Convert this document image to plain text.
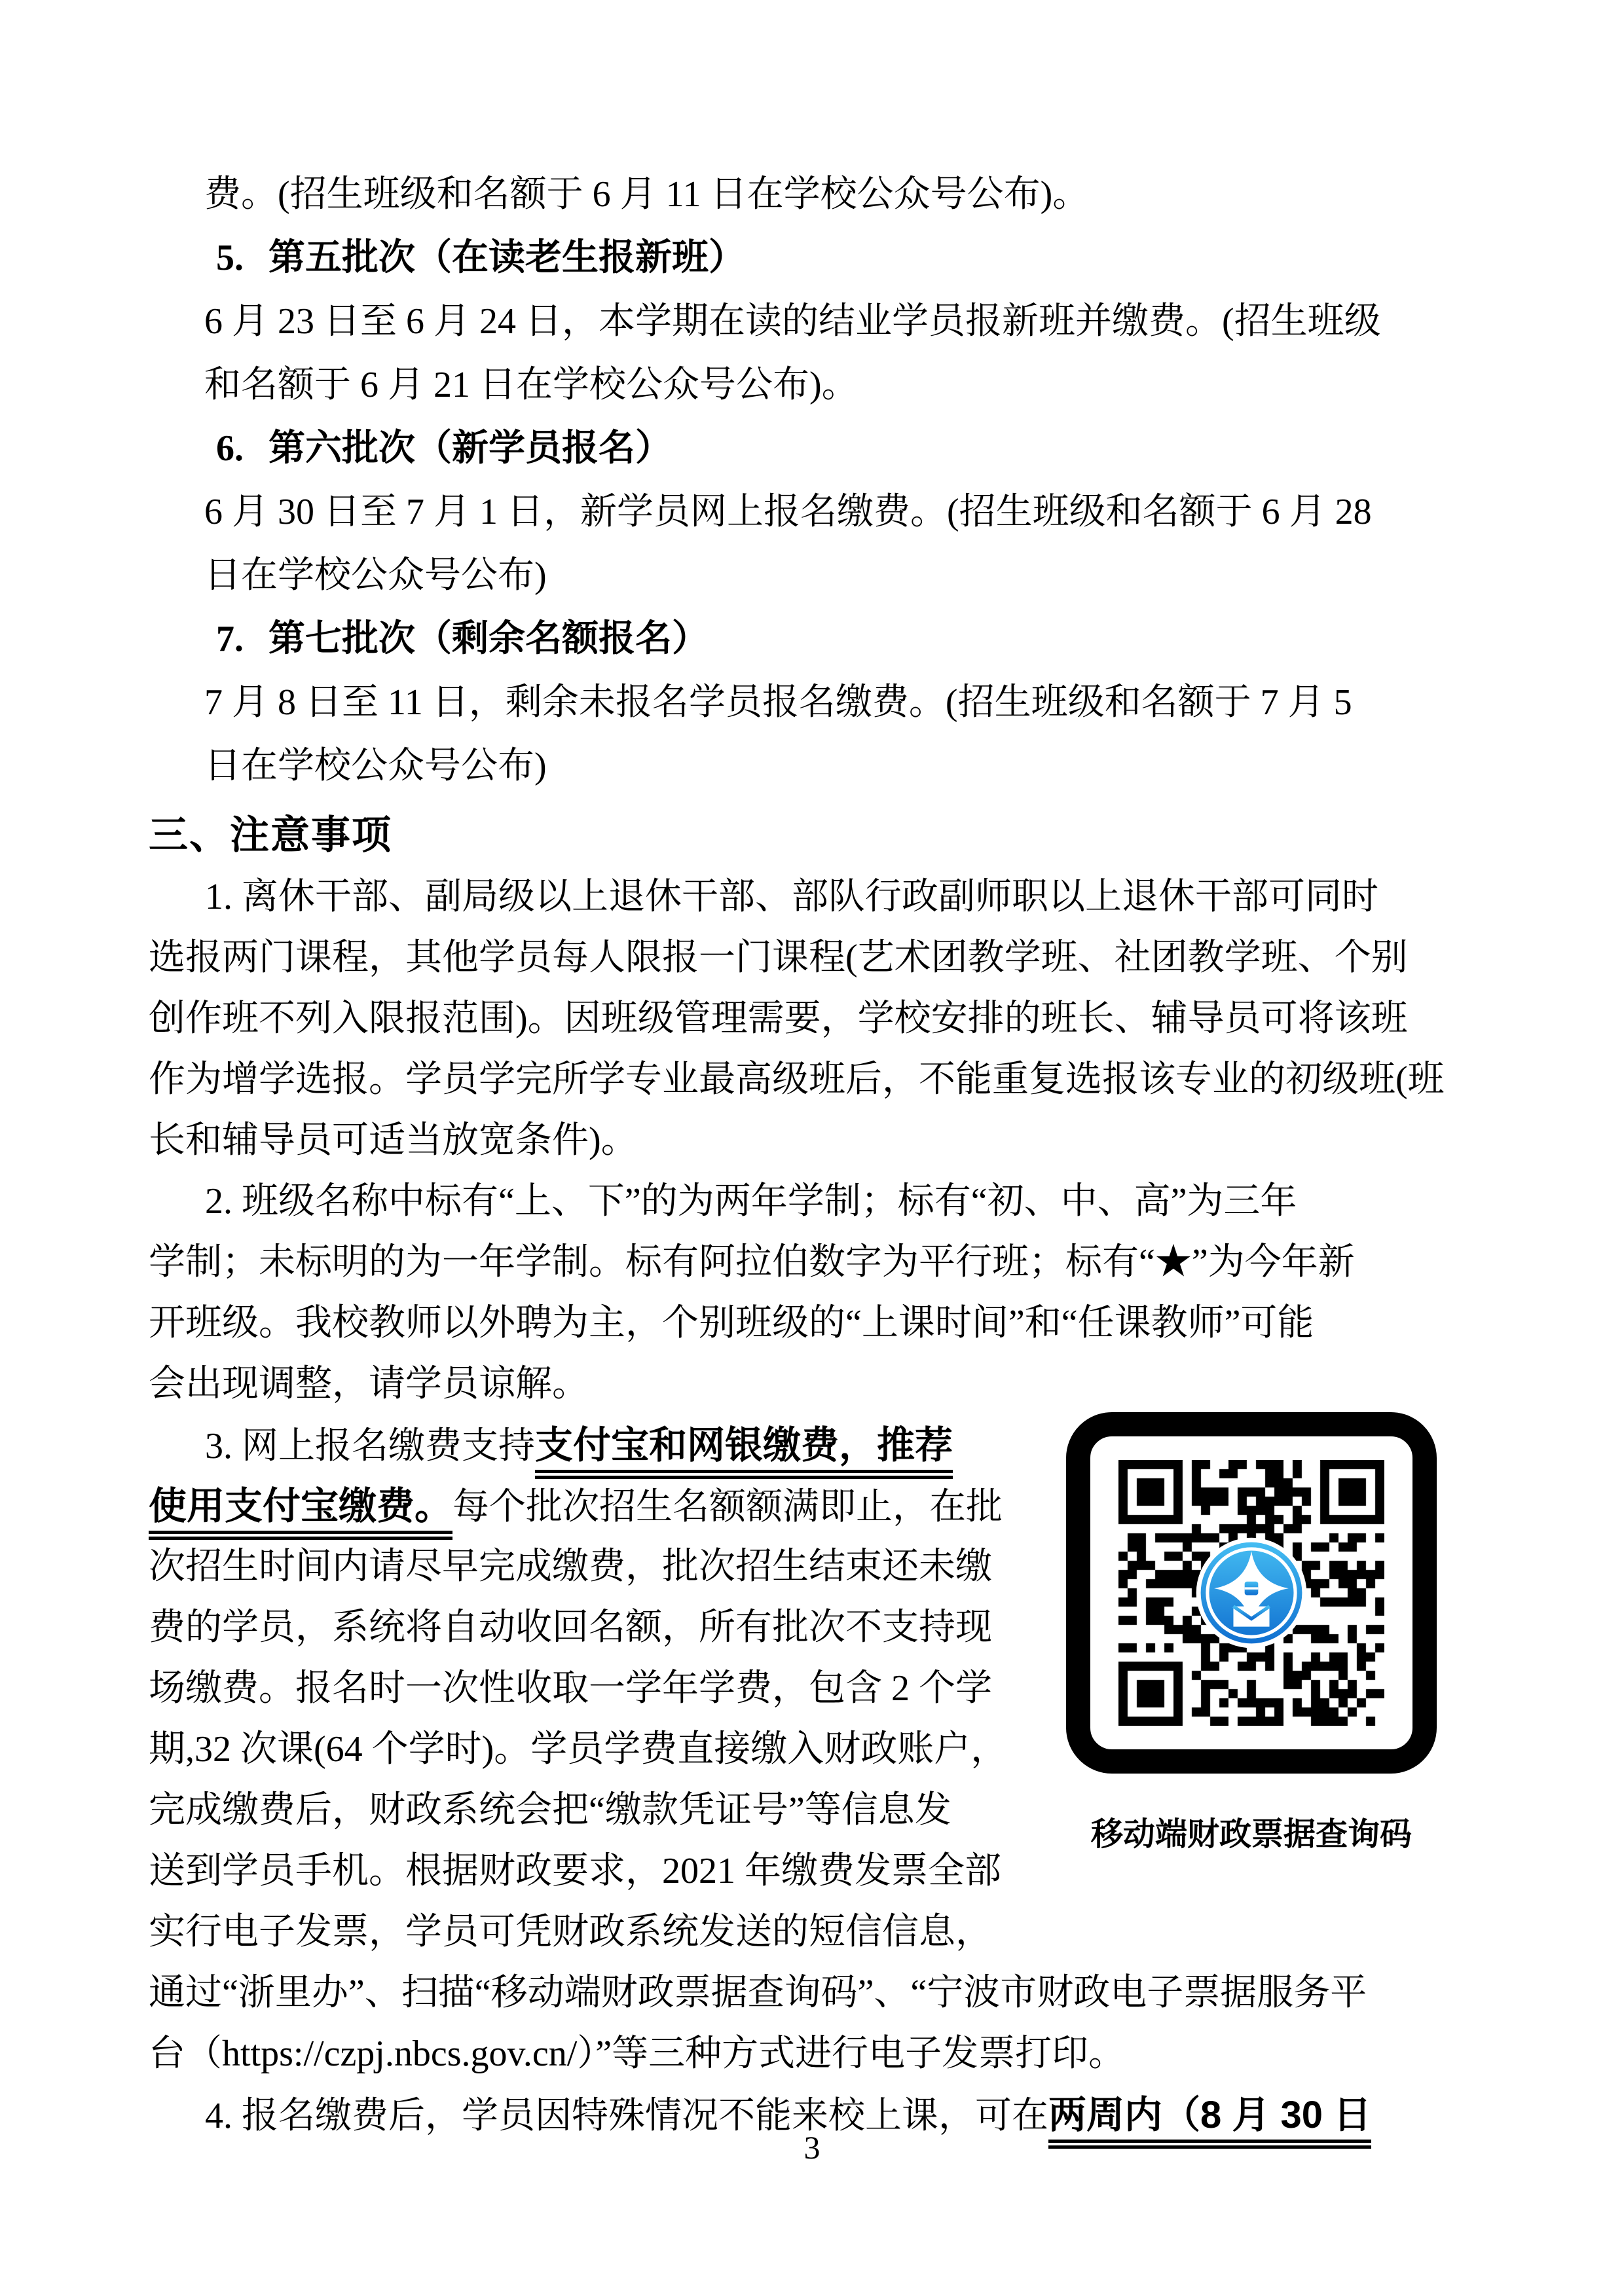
费。(招生班级和名额于 6 月 11 日在学校公众号公布)。
5. 第五批次（在读老生报新班）
6 月 23 日至 6 月 24 日，本学期在读的结业学员报新班并缴费。(招生班级
和名额于 6 月 21 日在学校公众号公布)。
6. 第六批次（新学员报名）
6 月 30 日至 7 月 1 日，新学员网上报名缴费。(招生班级和名额于 6 月 28
日在学校公众号公布)
7. 第七批次（剩余名额报名）
7 月 8 日至 11 日，剩余未报名学员报名缴费。(招生班级和名额于 7 月 5
日在学校公众号公布)
三、注意事项
1. 离休干部、副局级以上退休干部、部队行政副师职以上退休干部可同时
选报两门课程，其他学员每人限报一门课程(艺术团教学班、社团教学班、个别
创作班不列入限报范围)。因班级管理需要，学校安排的班长、辅导员可将该班
作为增学选报。学员学完所学专业最高级班后，不能重复选报该专业的初级班(班
长和辅导员可适当放宽条件)。
2. 班级名称中标有“上、下”的为两年学制；标有“初、中、高”为三年
学制；未标明的为一年学制。标有阿拉伯数字为平行班；标有“★”为今年新
开班级。我校教师以外聘为主，个别班级的“上课时间”和“任课教师”可能
会出现调整，请学员谅解。
3. 网上报名缴费支持支付宝和网银缴费，推荐
使用支付宝缴费。每个批次招生名额额满即止，在批
次招生时间内请尽早完成缴费，批次招生结束还未缴
费的学员，系统将自动收回名额，所有批次不支持现
场缴费。报名时一次性收取一学年学费，包含 2 个学
期,32 次课(64 个学时)。学员学费直接缴入财政账户，
完成缴费后，财政系统会把“缴款凭证号”等信息发
送到学员手机。根据财政要求，2021 年缴费发票全部
实行电子发票，学员可凭财政系统发送的短信信息，
通过“浙里办”、扫描“移动端财政票据查询码”、“宁波市财政电子票据服务平
台（https://czpj.nbcs.gov.cn/）”等三种方式进行电子发票打印。
4. 报名缴费后，学员因特殊情况不能来校上课，可在两周内（8 月 30 日
移动端财政票据查询码
3
